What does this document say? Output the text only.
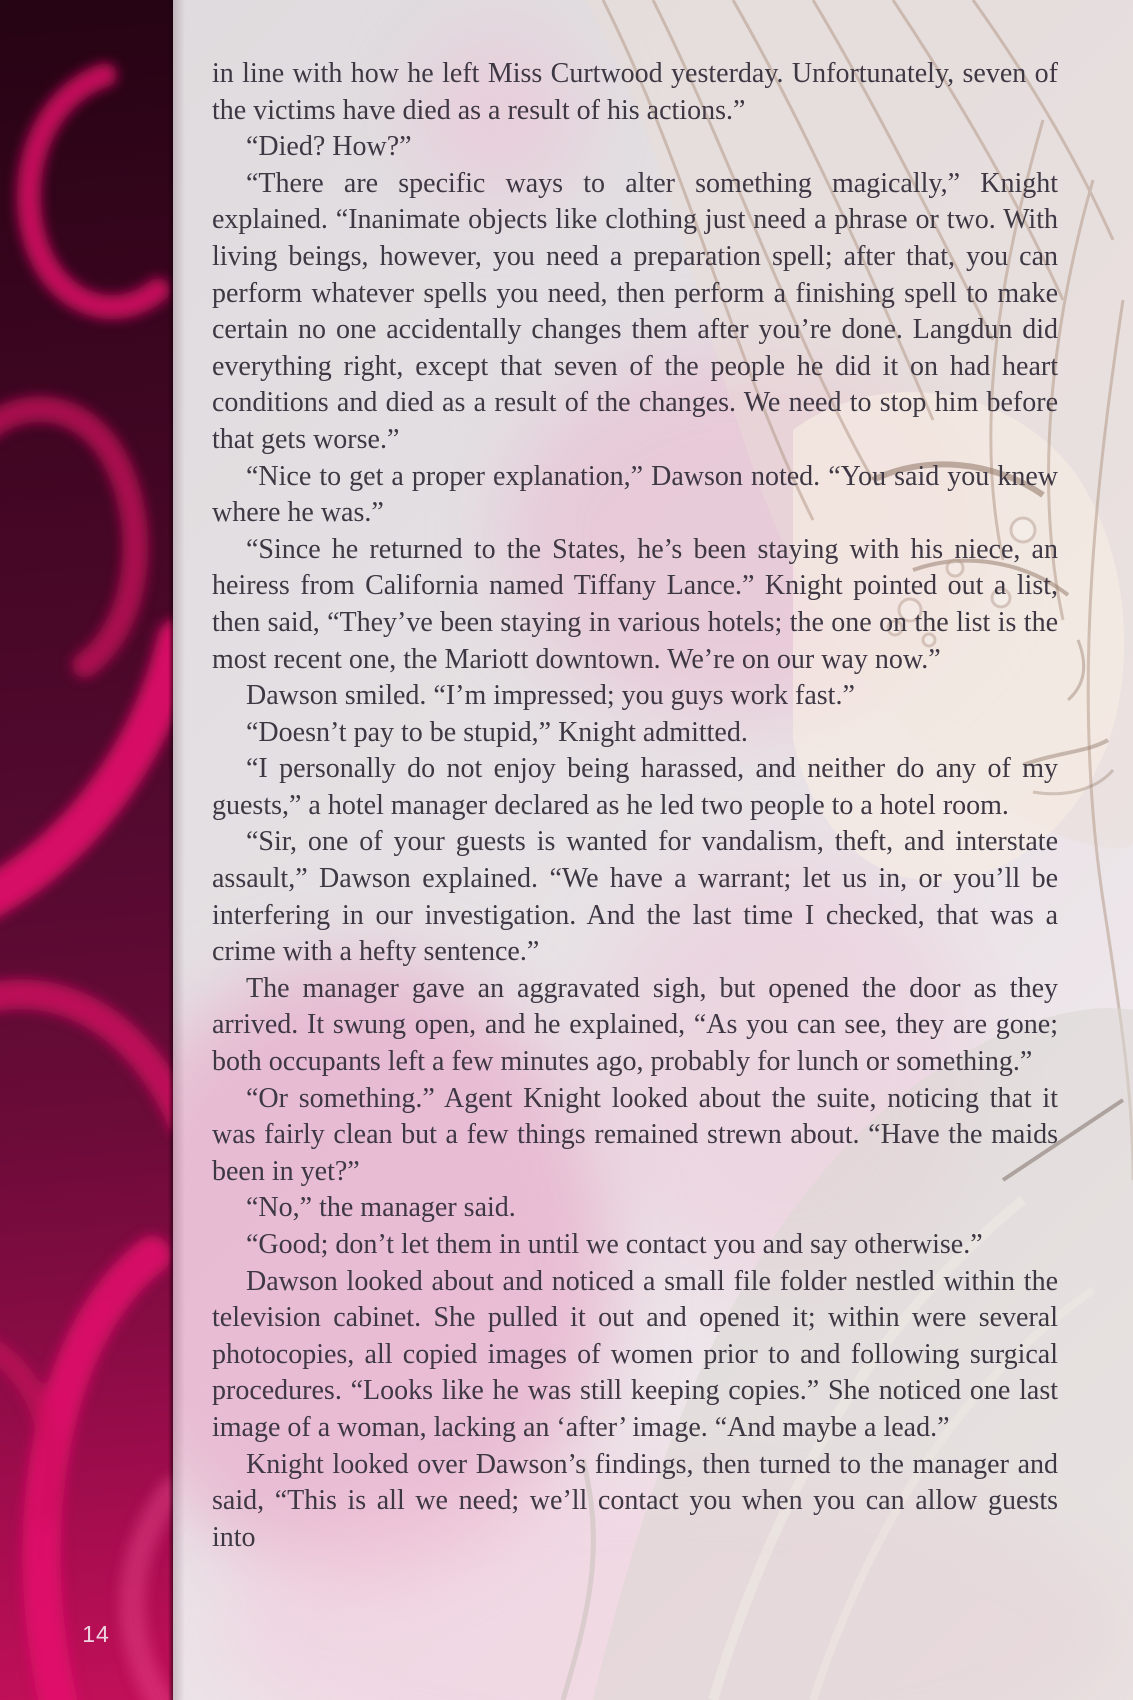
14

in line with how he left Miss Curtwood yesterday. Unfortunately, seven of the victims have died as a result of his actions.”

“Died? How?”

“There are specific ways to alter something magically,” Knight explained. “Inanimate objects like clothing just need a phrase or two. With living beings, however, you need a preparation spell; after that, you can perform whatever spells you need, then perform a finishing spell to make certain no one accidentally changes them after you’re done. Langdun did everything right, except that seven of the people he did it on had heart conditions and died as a result of the changes. We need to stop him before that gets worse.”

“Nice to get a proper explanation,” Dawson noted. “You said you knew where he was.”

“Since he returned to the States, he’s been staying with his niece, an heiress from California named Tiffany Lance.” Knight pointed out a list, then said, “They’ve been staying in various hotels; the one on the list is the most recent one, the Mariott downtown. We’re on our way now.”

Dawson smiled. “I’m impressed; you guys work fast.”

“Doesn’t pay to be stupid,” Knight admitted.

“I personally do not enjoy being harassed, and neither do any of my guests,” a hotel manager declared as he led two people to a hotel room.

“Sir, one of your guests is wanted for vandalism, theft, and interstate assault,” Dawson explained. “We have a warrant; let us in, or you’ll be interfering in our investigation. And the last time I checked, that was a crime with a hefty sentence.”

The manager gave an aggravated sigh, but opened the door as they arrived. It swung open, and he explained, “As you can see, they are gone; both occupants left a few minutes ago, probably for lunch or something.”

“Or something.” Agent Knight looked about the suite, noticing that it was fairly clean but a few things remained strewn about. “Have the maids been in yet?”

“No,” the manager said.

“Good; don’t let them in until we contact you and say otherwise.”

Dawson looked about and noticed a small file folder nestled within the television cabinet. She pulled it out and opened it; within were several photocopies, all copied images of women prior to and following surgical procedures. “Looks like he was still keeping copies.” She noticed one last image of a woman, lacking an ‘after’ image. “And maybe a lead.”

Knight looked over Dawson’s findings, then turned to the manager and said, “This is all we need; we’ll contact you when you can allow guests into
